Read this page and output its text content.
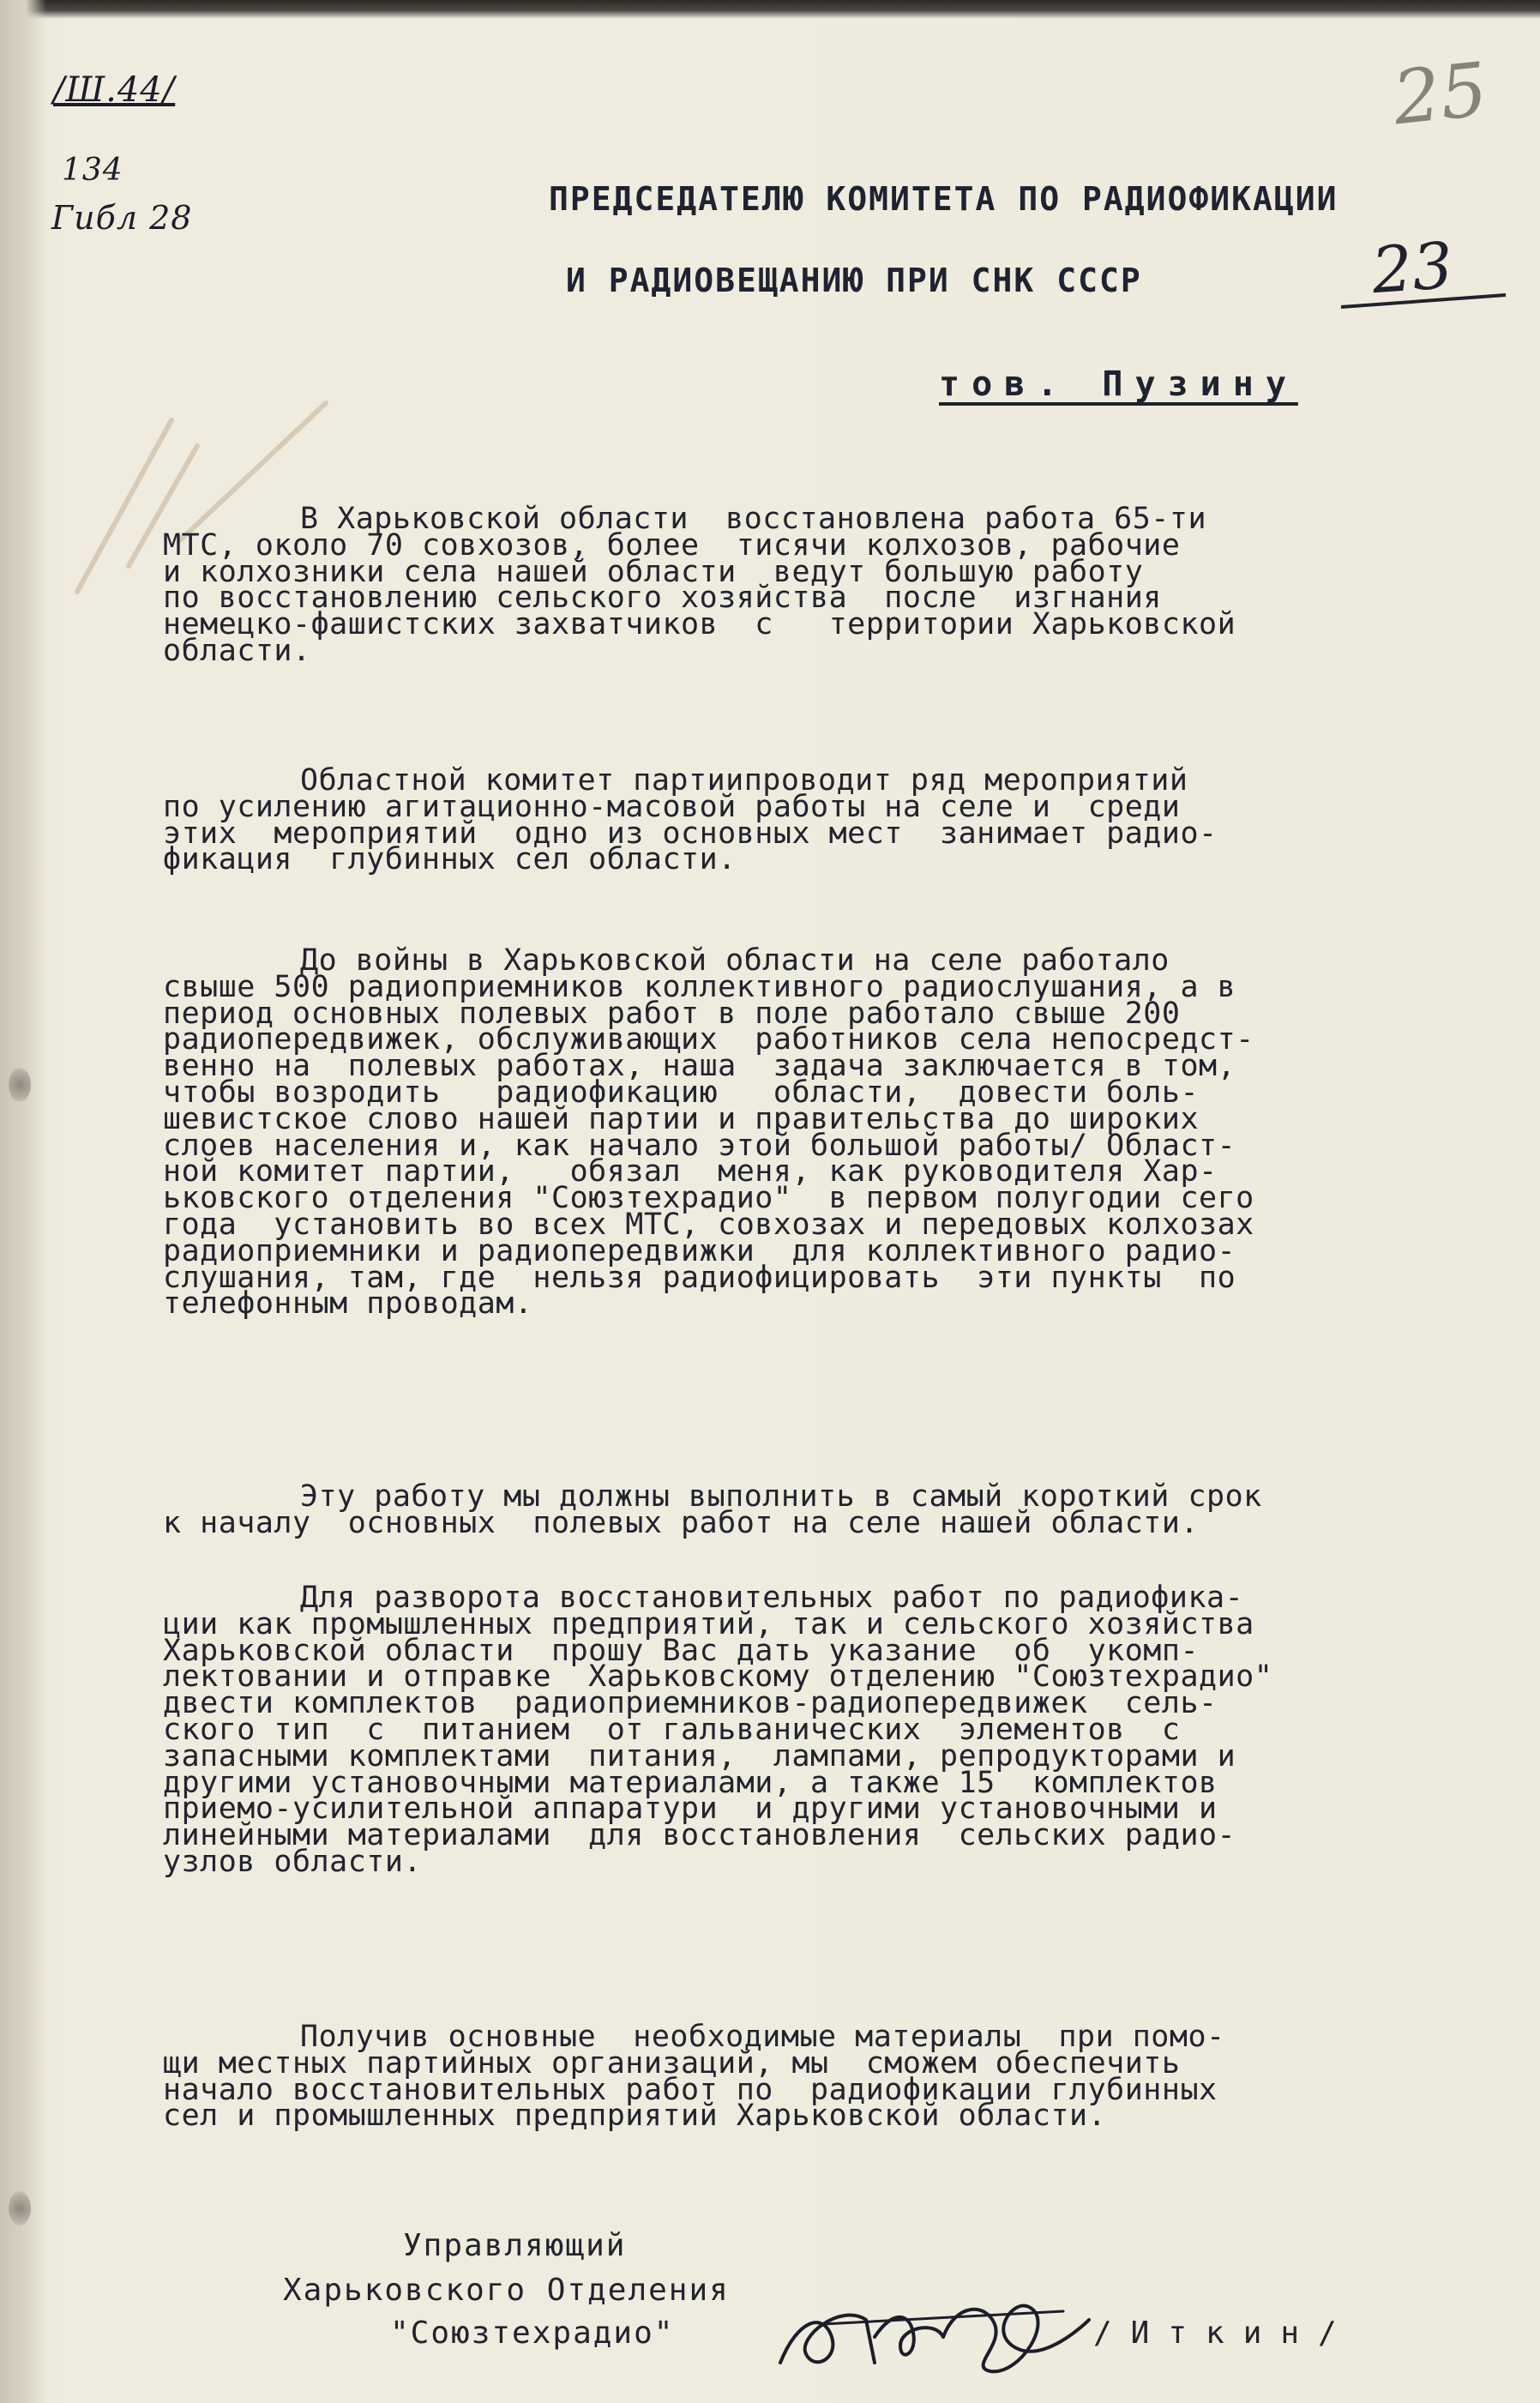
/Ш.44/
134
Гибл 28
25
23
ПРЕДСЕДАТЕЛЮ КОМИТЕТА ПО РАДИОФИКАЦИИ
И РАДИОВЕЩАНИЮ ПРИ СНК СССР
тов. Пузину
В Харьковской области  восстановлена работа 65-ти
МТС, около 70 совхозов, более  тисячи колхозов, рабочие
и колхозники села нашей области  ведут большую работу
по восстановлению сельского хозяйства  после  изгнания
немецко-фашистских захватчиков  с   территории Харьковской
области.
Областной комитет партиипроводит ряд мероприятий
по усилению агитационно-масовой работы на селе и  среди
этих  мероприятий  одно из основных мест  занимает радио-
фикация  глубинных сел области.
До войны в Харьковской области на селе работало
свыше 500 радиоприемников коллективного радиослушания, а в
период основных полевых работ в поле работало свыше 200
радиопередвижек, обслуживающих  работников села непосредст-
венно на  полевых работах, наша  задача заключается в том,
чтобы возродить   радиофикацию   области,  довести боль-
шевистское слово нашей партии и правительства до широких
слоев населения и, как начало этой большой работы/ Област-
ной комитет партии,   обязал  меня, как руководителя Хар-
ьковского отделения "Союзтехрадио"  в первом полугодии сего
года  установить во всех МТС, совхозах и передовых колхозах
радиоприемники и радиопередвижки  для коллективного радио-
слушания, там, где  нельзя радиофицировать  эти пункты  по
телефонным проводам.
Эту работу мы должны выполнить в самый короткий срок
к началу  основных  полевых работ на селе нашей области.
Для разворота восстановительных работ по радиофика-
ции как промышленных предприятий, так и сельского хозяйства
Харьковской области  прошу Вас дать указание  об  укомп-
лектовании и отправке  Харьковскому отделению "Союзтехрадио"
двести комплектов  радиоприемников-радиопередвижек  сель-
ского тип  с  питанием  от гальванических  элементов  с
запасными комплектами  питания,  лампами, репродукторами и
другими установочными материалами, а также 15  комплектов
приемо-усилительной аппаратури  и другими установочными и
линейными материалами  для восстановления  сельских радио-
узлов области.
Получив основные  необходимые материалы  при помо-
щи местных партийных организаций, мы  сможем обеспечить
начало восстановительных работ по  радиофикации глубинных
сел и промышленных предприятий Харьковской области.
Управляющий
Харьковского Отделения
"Союзтехрадио"	/Иткин/
